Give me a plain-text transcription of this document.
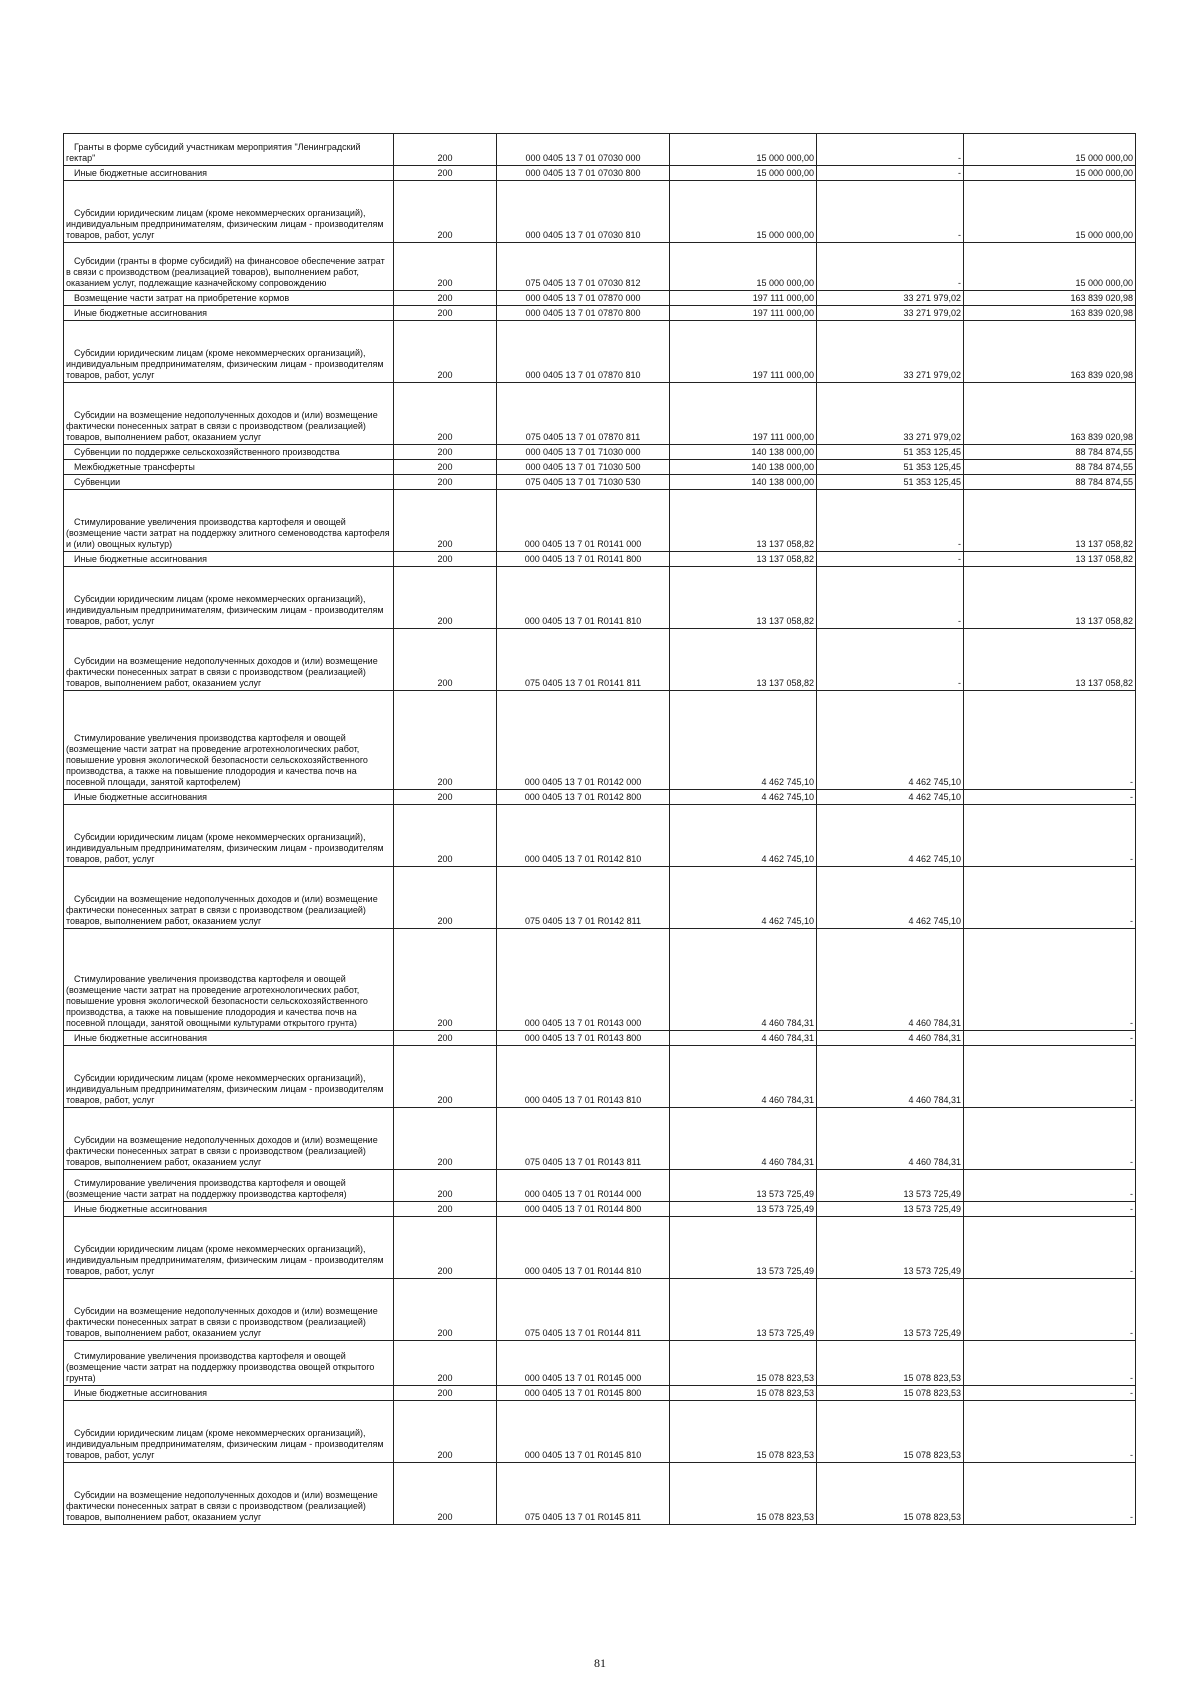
Гранты в форме субсидий участникам мероприятия "Ленинградский гектар"	200	000 0405 13 7 01 07030 000	15 000 000,00	-	15 000 000,00
Иные бюджетные ассигнования	200	000 0405 13 7 01 07030 800	15 000 000,00	-	15 000 000,00
Субсидии юридическим лицам (кроме некоммерческих организаций), индивидуальным предпринимателям, физическим лицам - производителям товаров, работ, услуг	200	000 0405 13 7 01 07030 810	15 000 000,00	-	15 000 000,00
Субсидии (гранты в форме субсидий) на финансовое обеспечение затрат в связи с производством (реализацией товаров), выполнением работ, оказанием услуг, подлежащие казначейскому сопровождению	200	075 0405 13 7 01 07030 812	15 000 000,00	-	15 000 000,00
Возмещение части затрат на приобретение кормов	200	000 0405 13 7 01 07870 000	197 111 000,00	33 271 979,02	163 839 020,98
Иные бюджетные ассигнования	200	000 0405 13 7 01 07870 800	197 111 000,00	33 271 979,02	163 839 020,98
Субсидии юридическим лицам (кроме некоммерческих организаций), индивидуальным предпринимателям, физическим лицам - производителям товаров, работ, услуг	200	000 0405 13 7 01 07870 810	197 111 000,00	33 271 979,02	163 839 020,98
Субсидии на возмещение недополученных доходов и (или) возмещение фактически понесенных затрат в связи с производством (реализацией) товаров, выполнением работ, оказанием услуг	200	075 0405 13 7 01 07870 811	197 111 000,00	33 271 979,02	163 839 020,98
Субвенции по поддержке сельскохозяйственного производства	200	000 0405 13 7 01 71030 000	140 138 000,00	51 353 125,45	88 784 874,55
Межбюджетные трансферты	200	000 0405 13 7 01 71030 500	140 138 000,00	51 353 125,45	88 784 874,55
Субвенции	200	075 0405 13 7 01 71030 530	140 138 000,00	51 353 125,45	88 784 874,55
Стимулирование увеличения производства картофеля и овощей (возмещение части затрат на поддержку элитного семеноводства картофеля и (или) овощных культур)	200	000 0405 13 7 01 R0141 000	13 137 058,82	-	13 137 058,82
Иные бюджетные ассигнования	200	000 0405 13 7 01 R0141 800	13 137 058,82	-	13 137 058,82
Субсидии юридическим лицам (кроме некоммерческих организаций), индивидуальным предпринимателям, физическим лицам - производителям товаров, работ, услуг	200	000 0405 13 7 01 R0141 810	13 137 058,82	-	13 137 058,82
Субсидии на возмещение недополученных доходов и (или) возмещение фактически понесенных затрат в связи с производством (реализацией) товаров, выполнением работ, оказанием услуг	200	075 0405 13 7 01 R0141 811	13 137 058,82	-	13 137 058,82
Стимулирование увеличения производства картофеля и овощей (возмещение части затрат на проведение агротехнологических работ, повышение уровня экологической безопасности сельскохозяйственного производства, а также на повышение плодородия и качества почв на посевной площади, занятой картофелем)	200	000 0405 13 7 01 R0142 000	4 462 745,10	4 462 745,10	-
Иные бюджетные ассигнования	200	000 0405 13 7 01 R0142 800	4 462 745,10	4 462 745,10	-
Субсидии юридическим лицам (кроме некоммерческих организаций), индивидуальным предпринимателям, физическим лицам - производителям товаров, работ, услуг	200	000 0405 13 7 01 R0142 810	4 462 745,10	4 462 745,10	-
Субсидии на возмещение недополученных доходов и (или) возмещение фактически понесенных затрат в связи с производством (реализацией) товаров, выполнением работ, оказанием услуг	200	075 0405 13 7 01 R0142 811	4 462 745,10	4 462 745,10	-
Стимулирование увеличения производства картофеля и овощей (возмещение части затрат на проведение агротехнологических работ, повышение уровня экологической безопасности сельскохозяйственного производства, а также на повышение плодородия и качества почв на посевной площади, занятой овощными культурами открытого грунта)	200	000 0405 13 7 01 R0143 000	4 460 784,31	4 460 784,31	-
Иные бюджетные ассигнования	200	000 0405 13 7 01 R0143 800	4 460 784,31	4 460 784,31	-
Субсидии юридическим лицам (кроме некоммерческих организаций), индивидуальным предпринимателям, физическим лицам - производителям товаров, работ, услуг	200	000 0405 13 7 01 R0143 810	4 460 784,31	4 460 784,31	-
Субсидии на возмещение недополученных доходов и (или) возмещение фактически понесенных затрат в связи с производством (реализацией) товаров, выполнением работ, оказанием услуг	200	075 0405 13 7 01 R0143 811	4 460 784,31	4 460 784,31	-
Стимулирование увеличения производства картофеля и овощей (возмещение части затрат на поддержку производства картофеля)	200	000 0405 13 7 01 R0144 000	13 573 725,49	13 573 725,49	-
Иные бюджетные ассигнования	200	000 0405 13 7 01 R0144 800	13 573 725,49	13 573 725,49	-
Субсидии юридическим лицам (кроме некоммерческих организаций), индивидуальным предпринимателям, физическим лицам - производителям товаров, работ, услуг	200	000 0405 13 7 01 R0144 810	13 573 725,49	13 573 725,49	-
Субсидии на возмещение недополученных доходов и (или) возмещение фактически понесенных затрат в связи с производством (реализацией) товаров, выполнением работ, оказанием услуг	200	075 0405 13 7 01 R0144 811	13 573 725,49	13 573 725,49	-
Стимулирование увеличения производства картофеля и овощей (возмещение части затрат на поддержку производства овощей открытого грунта)	200	000 0405 13 7 01 R0145 000	15 078 823,53	15 078 823,53	-
Иные бюджетные ассигнования	200	000 0405 13 7 01 R0145 800	15 078 823,53	15 078 823,53	-
Субсидии юридическим лицам (кроме некоммерческих организаций), индивидуальным предпринимателям, физическим лицам - производителям товаров, работ, услуг	200	000 0405 13 7 01 R0145 810	15 078 823,53	15 078 823,53	-
Субсидии на возмещение недополученных доходов и (или) возмещение фактически понесенных затрат в связи с производством (реализацией) товаров, выполнением работ, оказанием услуг	200	075 0405 13 7 01 R0145 811	15 078 823,53	15 078 823,53	-
81
